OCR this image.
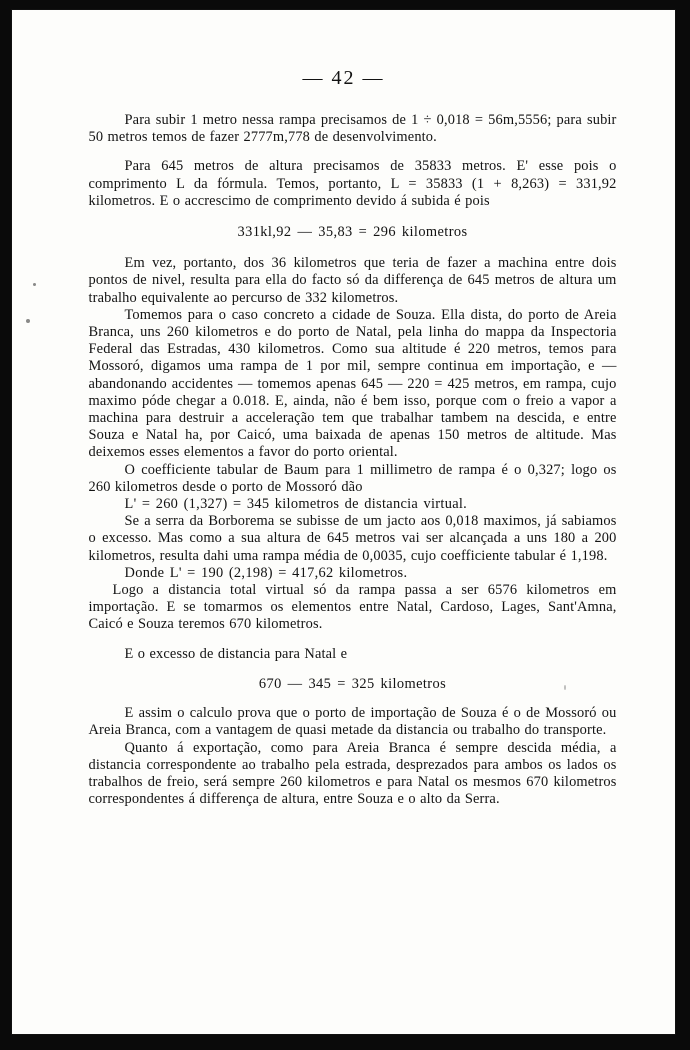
— 42 —

Para subir 1 metro nessa rampa precisamos de 1 ÷ 0,018 = 56m,5556; para subir 50 metros temos de fazer 2777m,778 de desenvolvimento.

Para 645 metros de altura precisamos de 35833 metros. E' esse pois o comprimento L da fórmula. Temos, portanto, L = 35833 (1 + 8,263) = 331,92 kilometros. E o accrescimo de comprimento devido á subida é pois

331kl,92 — 35,83 = 296 kilometros

Em vez, portanto, dos 36 kilometros que teria de fazer a machina entre dois pontos de nivel, resulta para ella do facto só da differença de 645 metros de altura um trabalho equivalente ao percurso de 332 kilometros.

Tomemos para o caso concreto a cidade de Souza. Ella dista, do porto de Areia Branca, uns 260 kilometros e do porto de Natal, pela linha do mappa da Inspectoria Federal das Estradas, 430 kilometros. Como sua altitude é 220 metros, temos para Mossoró, digamos uma rampa de 1 por mil, sempre continua em importação, e — abandonando accidentes — tomemos apenas 645 — 220 = 425 metros, em rampa, cujo maximo póde chegar a 0.018. E, ainda, não é bem isso, porque com o freio a vapor a machina para destruir a acceleração tem que trabalhar tambem na descida, e entre Souza e Natal ha, por Caicó, uma baixada de apenas 150 metros de altitude. Mas deixemos esses elementos a favor do porto oriental.

O coefficiente tabular de Baum para 1 millimetro de rampa é o 0,327; logo os 260 kilometros desde o porto de Mossoró dão

L' = 260 (1,327) = 345 kilometros de distancia virtual.

Se a serra da Borborema se subisse de um jacto aos 0,018 maximos, já sabiamos o excesso. Mas como a sua altura de 645 metros vai ser alcançada a uns 180 a 200 kilometros, resulta dahi uma rampa média de 0,0035, cujo coefficiente tabular é 1,198.

Donde L' = 190 (2,198) = 417,62 kilometros.

Logo a distancia total virtual só da rampa passa a ser 6576 kilometros em importação. E se tomarmos os elementos entre Natal, Cardoso, Lages, Sant'Amna, Caicó e Souza teremos 670 kilometros.

E o excesso de distancia para Natal e

670 — 345 = 325 kilometros

E assim o calculo prova que o porto de importação de Souza é o de Mossoró ou Areia Branca, com a vantagem de quasi metade da distancia ou trabalho do transporte.

Quanto á exportação, como para Areia Branca é sempre descida média, a distancia correspondente ao trabalho pela estrada, desprezados para ambos os lados os trabalhos de freio, será sempre 260 kilometros e para Natal os mesmos 670 kilometros correspondentes á differença de altura, entre Souza e o alto da Serra.
